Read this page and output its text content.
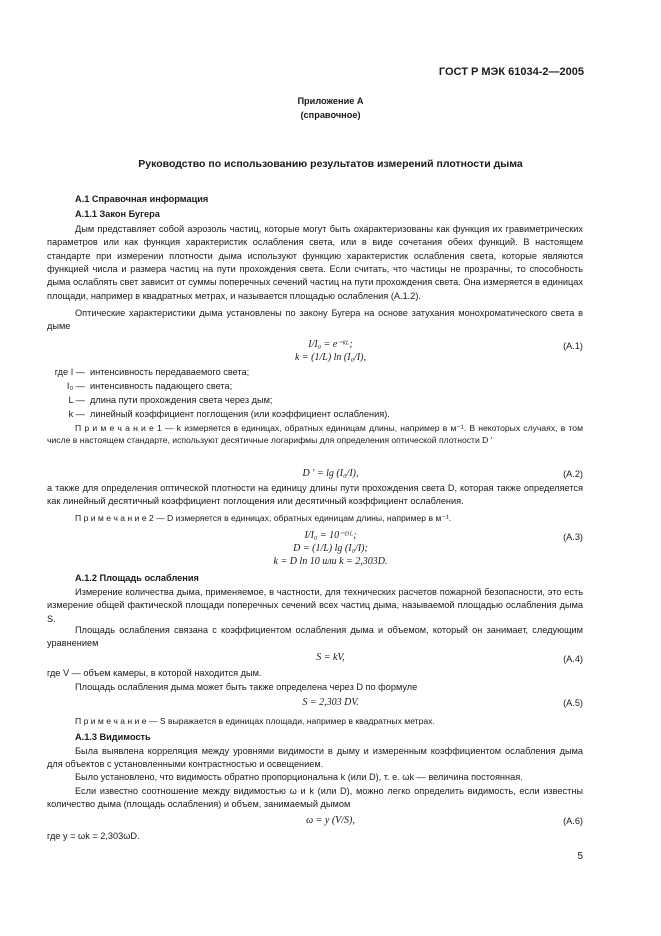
ГОСТ Р МЭК 61034-2—2005
Приложение А
(справочное)
Руководство по использованию результатов измерений плотности дыма
А.1 Справочная информация
А.1.1 Закон Бугера
Дым представляет собой аэрозоль частиц, которые могут быть охарактеризованы как функция их гравиметрических параметров или как функция характеристик ослабления света, или в виде сочетания обеих функций. В настоящем стандарте при измерении плотности дыма используют функцию характеристик ослабления света, которые являются функцией числа и размера частиц на пути прохождения света. Если считать, что частицы не прозрачны, то способность дыма ослаблять свет зависит от суммы поперечных сечений частиц на пути прохождения света. Она измеряется в единицах площади, например в квадратных метрах, и называется площадью ослабления (А.1.2).
Оптические характеристики дыма установлены по закону Бугера на основе затухания монохроматического света в дыме
I/I₀ = e⁻ᵏᴸ;
k = (1/L) ln (I₀/I),
(А.1)
где I — интенсивность передаваемого света;
I₀ — интенсивность падающего света;
L — длина пути прохождения света через дым;
k — линейный коэффициент поглощения (или коэффициент ослабления).
П р и м е ч а н и е 1 — k измеряется в единицах, обратных единицам длины, например в м⁻¹. В некоторых случаях, в том числе в настоящем стандарте, используют десятичные логарифмы для определения оптической плотности D ′
D ′ = lg (I₀/I),	(А.2)
а также для определения оптической плотности на единицу длины пути прохождения света D, которая также определяется как линейный десятичный коэффициент поглощения или десятичный коэффициент ослабления.
П р и м е ч а н и е 2 — D измеряется в единицах, обратных единицам длины, например в м⁻¹.
I/I₀ = 10⁻ᴰᴸ;
D = (1/L) lg (I₀/I);
k = D ln 10 или k = 2,303D.
(А.3)
А.1.2 Площадь ослабления
Измерение количества дыма, применяемое, в частности, для технических расчетов пожарной безопасности, это есть измерение общей фактической площади поперечных сечений всех частиц дыма, называемой площадью ослабления дыма S.
Площадь ослабления связана с коэффициентом ослабления дыма и объемом, который он занимает, следующим уравнением
S = kV,	(А.4)
где V — объем камеры, в которой находится дым.
Площадь ослабления дыма может быть также определена через D по формуле
S = 2,303 DV.	(А.5)
П р и м е ч а н и е — S выражается в единицах площади, например в квадратных метрах.
А.1.3 Видимость
Была выявлена корреляция между уровнями видимости в дыму и измеренным коэффициентом ослабления дыма для объектов с установленными контрастностью и освещением.
Было установлено, что видимость обратно пропорциональна k (или D), т. е. ωk — величина постоянная.
Если известно соотношение между видимостью ω и k (или D), можно легко определить видимость, если известны количество дыма (площадь ослабления) и объем, занимаемый дымом
ω = y (V/S),	(А.6)
где y = ωk = 2,303ωD.
5
